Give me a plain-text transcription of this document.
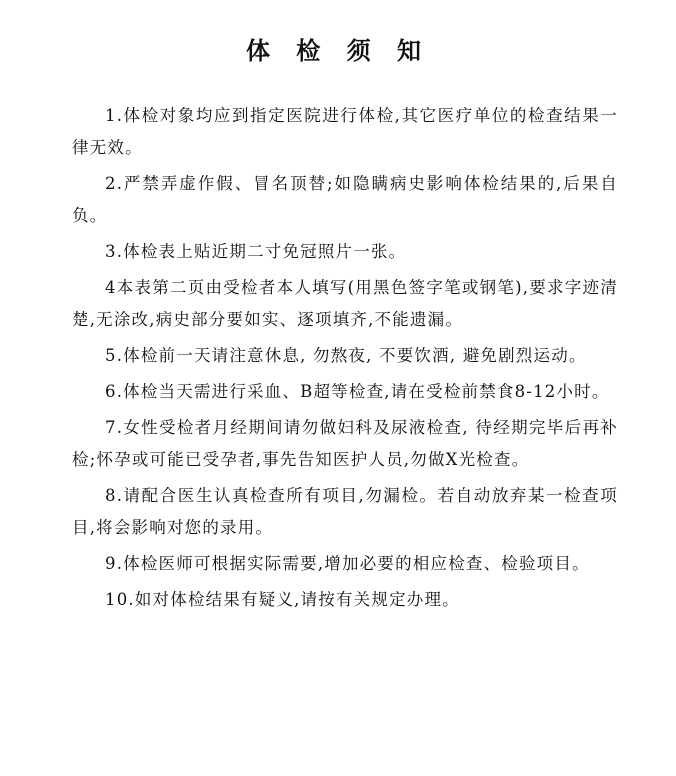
体 检 须 知
1.体检对象均应到指定医院进行体检,其它医疗单位的检查结果一律无效。
2.严禁弄虚作假、冒名顶替;如隐瞒病史影响体检结果的,后果自负。
3.体检表上贴近期二寸免冠照片一张。
4本表第二页由受检者本人填写(用黑色签字笔或钢笔),要求字迹清楚,无涂改,病史部分要如实、逐项填齐,不能遗漏。
5.体检前一天请注意休息, 勿熬夜, 不要饮酒, 避免剧烈运动。
6.体检当天需进行采血、B超等检查,请在受检前禁食8-12小时。
7.女性受检者月经期间请勿做妇科及尿液检查, 待经期完毕后再补检;怀孕或可能已受孕者,事先告知医护人员,勿做X光检查。
8.请配合医生认真检查所有项目,勿漏检。若自动放弃某一检查项目,将会影响对您的录用。
9.体检医师可根据实际需要,增加必要的相应检查、检验项目。
10.如对体检结果有疑义,请按有关规定办理。
